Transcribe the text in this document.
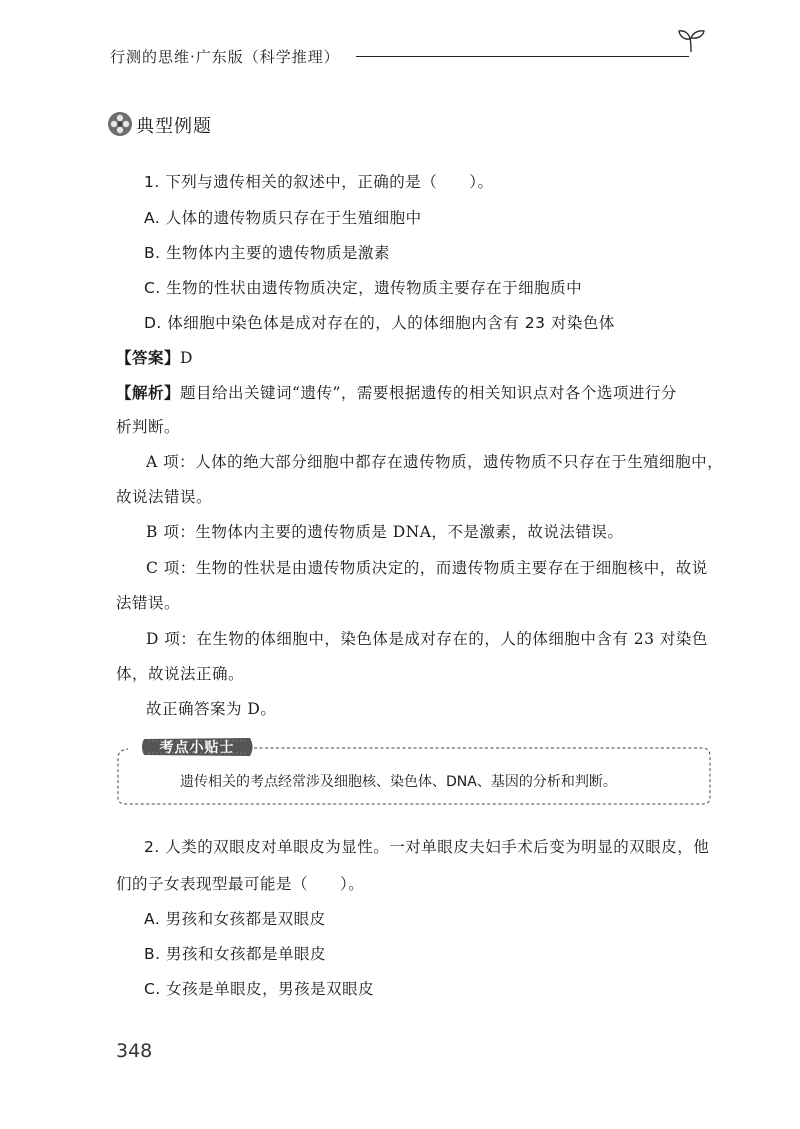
行测的思维·广东版（科学推理）
典型例题
1. 下列与遗传相关的叙述中，正确的是（　　）。
A. 人体的遗传物质只存在于生殖细胞中
B. 生物体内主要的遗传物质是激素
C. 生物的性状由遗传物质决定，遗传物质主要存在于细胞质中
D. 体细胞中染色体是成对存在的，人的体细胞内含有 23 对染色体
【答案】D
【解析】题目给出关键词“遗传”，需要根据遗传的相关知识点对各个选项进行分
析判断。
A 项：人体的绝大部分细胞中都存在遗传物质，遗传物质不只存在于生殖细胞中，
故说法错误。
B 项：生物体内主要的遗传物质是 DNA，不是激素，故说法错误。
C 项：生物的性状是由遗传物质决定的，而遗传物质主要存在于细胞核中，故说
法错误。
D 项：在生物的体细胞中，染色体是成对存在的，人的体细胞中含有 23 对染色
体，故说法正确。
故正确答案为 D。
考点小贴士
遗传相关的考点经常涉及细胞核、染色体、DNA、基因的分析和判断。
2. 人类的双眼皮对单眼皮为显性。一对单眼皮夫妇手术后变为明显的双眼皮，他
们的子女表现型最可能是（　　）。
A. 男孩和女孩都是双眼皮
B. 男孩和女孩都是单眼皮
C. 女孩是单眼皮，男孩是双眼皮
348
